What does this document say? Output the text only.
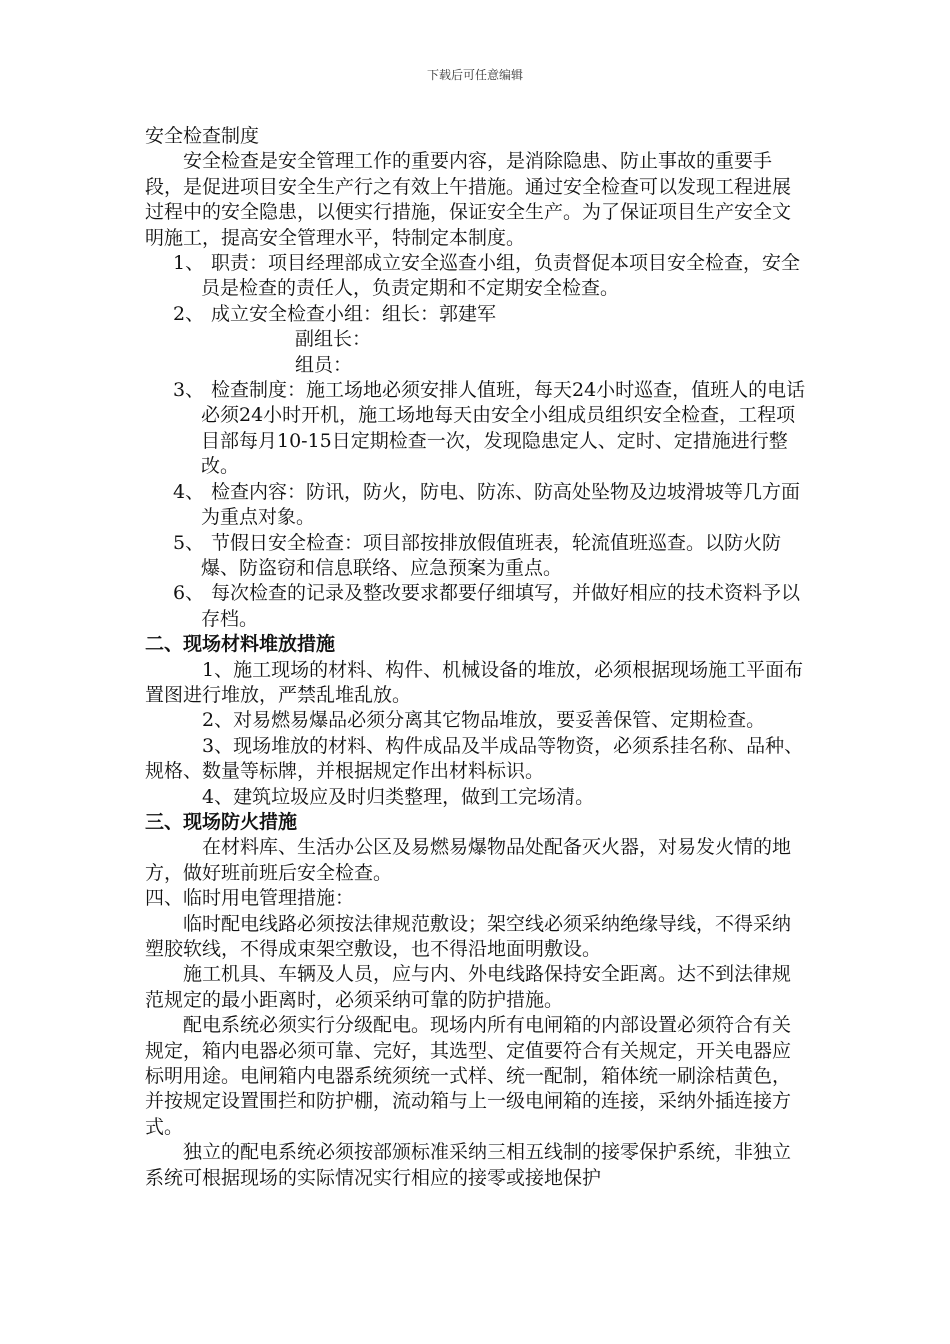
下载后可任意编辑

安全检查制度

安全检查是安全管理工作的重要内容，是消除隐患、防止事故的重要手段，是促进项目安全生产行之有效上午措施。通过安全检查可以发现工程进展过程中的安全隐患，以便实行措施，保证安全生产。为了保证项目生产安全文明施工，提高安全管理水平，特制定本制度。

1、 职责：项目经理部成立安全巡查小组，负责督促本项目安全检查，安全员是检查的责任人，负责定期和不定期安全检查。

2、 成立安全检查小组：组长：郭建军

副组长：

组员：

3、 检查制度：施工场地必须安排人值班，每天24小时巡查，值班人的电话必须24小时开机，施工场地每天由安全小组成员组织安全检查，工程项目部每月10-15日定期检查一次，发现隐患定人、定时、定措施进行整改。

4、 检查内容：防讯，防火，防电、防冻、防高处坠物及边坡滑坡等几方面为重点对象。

5、 节假日安全检查：项目部按排放假值班表，轮流值班巡查。以防火防爆、防盗窃和信息联络、应急预案为重点。

6、 每次检查的记录及整改要求都要仔细填写，并做好相应的技术资料予以存档。

二、现场材料堆放措施

1、施工现场的材料、构件、机械设备的堆放，必须根据现场施工平面布置图进行堆放，严禁乱堆乱放。

2、对易燃易爆品必须分离其它物品堆放，要妥善保管、定期检查。

3、现场堆放的材料、构件成品及半成品等物资，必须系挂名称、品种、规格、数量等标牌，并根据规定作出材料标识。

4、建筑垃圾应及时归类整理，做到工完场清。

三、现场防火措施

在材料库、生活办公区及易燃易爆物品处配备灭火器，对易发火情的地方，做好班前班后安全检查。

四、临时用电管理措施：

临时配电线路必须按法律规范敷设；架空线必须采纳绝缘导线，不得采纳塑胶软线，不得成束架空敷设，也不得沿地面明敷设。

施工机具、车辆及人员，应与内、外电线路保持安全距离。达不到法律规范规定的最小距离时，必须采纳可靠的防护措施。

配电系统必须实行分级配电。现场内所有电闸箱的内部设置必须符合有关规定，箱内电器必须可靠、完好，其选型、定值要符合有关规定，开关电器应标明用途。电闸箱内电器系统须统一式样、统一配制，箱体统一刷涂桔黄色，并按规定设置围拦和防护棚，流动箱与上一级电闸箱的连接，采纳外插连接方式。

独立的配电系统必须按部颁标准采纳三相五线制的接零保护系统，非独立系统可根据现场的实际情况实行相应的接零或接地保护
